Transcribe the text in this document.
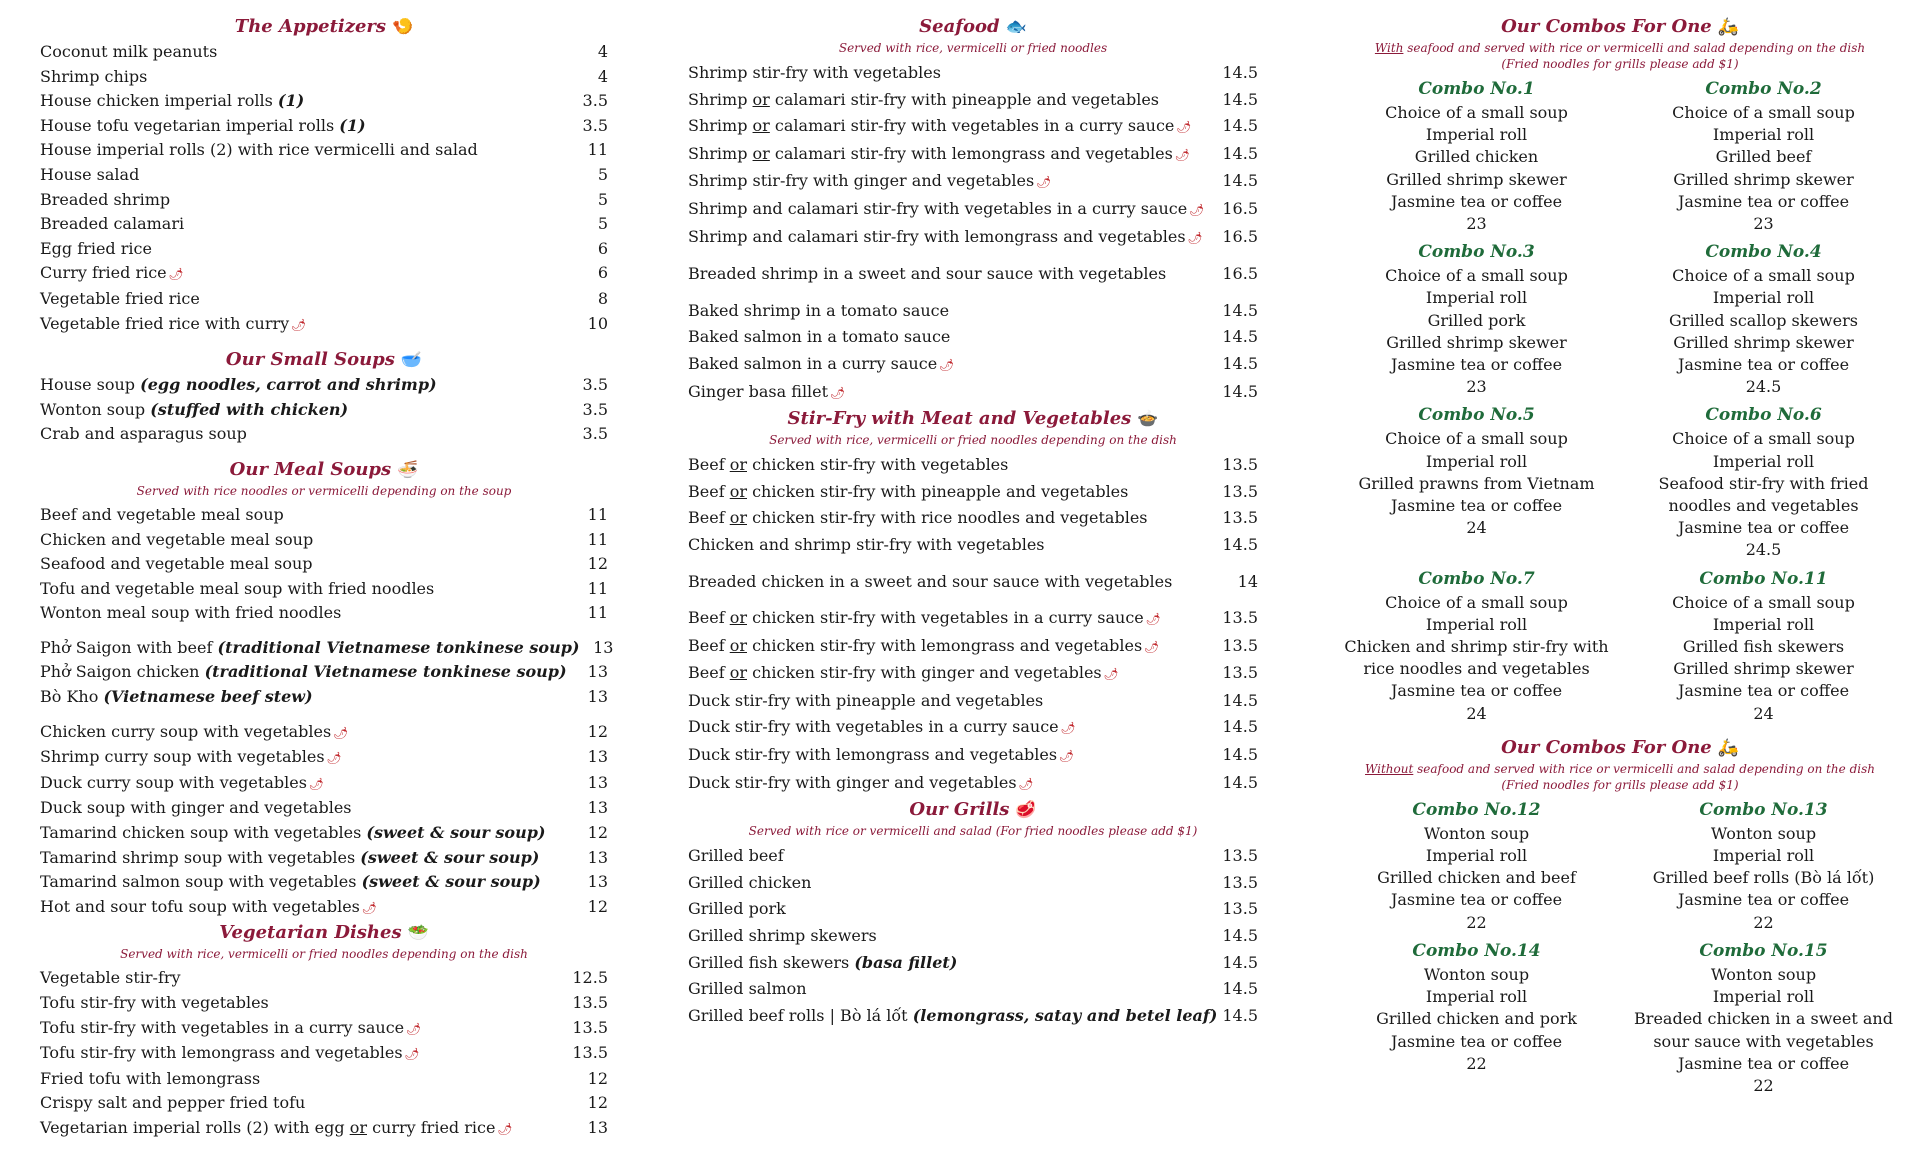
The Appetizers 🍤
Coconut milk peanuts	4
Shrimp chips	4
House chicken imperial rolls (1)	3.5
House tofu vegetarian imperial rolls (1)	3.5
House imperial rolls (2) with rice vermicelli and salad	11
House salad	5
Breaded shrimp	5
Breaded calamari	5
Egg fried rice	6
Curry fried rice 🌶	6
Vegetable fried rice	8
Vegetable fried rice with curry 🌶	10
Our Small Soups 🥣
House soup (egg noodles, carrot and shrimp)	3.5
Wonton soup (stuffed with chicken)	3.5
Crab and asparagus soup	3.5
Our Meal Soups 🍜

Served with rice noodles or vermicelli depending on the soup

Beef and vegetable meal soup	11
Chicken and vegetable meal soup	11
Seafood and vegetable meal soup	12
Tofu and vegetable meal soup with fried noodles	11
Wonton meal soup with fried noodles	11
Phở Saigon with beef (traditional Vietnamese tonkinese soup) 13
Phở Saigon chicken (traditional Vietnamese tonkinese soup)	13
Bò Kho (Vietnamese beef stew)	13
Chicken curry soup with vegetables 🌶	12
Shrimp curry soup with vegetables 🌶	13
Duck curry soup with vegetables 🌶	13
Duck soup with ginger and vegetables	13
Tamarind chicken soup with vegetables (sweet & sour soup)	12
Tamarind shrimp soup with vegetables (sweet & sour soup)	13
Tamarind salmon soup with vegetables (sweet & sour soup)	13
Hot and sour tofu soup with vegetables 🌶	12
Vegetarian Dishes 🥗

Served with rice, vermicelli or fried noodles depending on the dish

Vegetable stir-fry	12.5
Tofu stir-fry with vegetables	13.5
Tofu stir-fry with vegetables in a curry sauce 🌶	13.5
Tofu stir-fry with lemongrass and vegetables 🌶	13.5
Fried tofu with lemongrass	12
Crispy salt and pepper fried tofu	12
Vegetarian imperial rolls (2) with egg or curry fried rice 🌶	13
Seafood 🐟

Served with rice, vermicelli or fried noodles

Shrimp stir-fry with vegetables	14.5
Shrimp or calamari stir-fry with pineapple and vegetables	14.5
Shrimp or calamari stir-fry with vegetables in a curry sauce 🌶 14.5
Shrimp or calamari stir-fry with lemongrass and vegetables 🌶 14.5
Shrimp stir-fry with ginger and vegetables 🌶	14.5
Shrimp and calamari stir-fry with vegetables in a curry sauce 🌶 16.5
Shrimp and calamari stir-fry with lemongrass and vegetables 🌶 16.5
Breaded shrimp in a sweet and sour sauce with vegetables	16.5
Baked shrimp in a tomato sauce	14.5
Baked salmon in a tomato sauce	14.5
Baked salmon in a curry sauce 🌶	14.5
Ginger basa fillet 🌶	14.5
Stir-Fry with Meat and Vegetables 🍲

Served with rice, vermicelli or fried noodles depending on the dish

Beef or chicken stir-fry with vegetables	13.5
Beef or chicken stir-fry with pineapple and vegetables	13.5
Beef or chicken stir-fry with rice noodles and vegetables	13.5
Chicken and shrimp stir-fry with vegetables	14.5
Breaded chicken in a sweet and sour sauce with vegetables	14
Beef or chicken stir-fry with vegetables in a curry sauce 🌶	13.5
Beef or chicken stir-fry with lemongrass and vegetables 🌶	13.5
Beef or chicken stir-fry with ginger and vegetables 🌶	13.5
Duck stir-fry with pineapple and vegetables	14.5
Duck stir-fry with vegetables in a curry sauce 🌶	14.5
Duck stir-fry with lemongrass and vegetables 🌶	14.5
Duck stir-fry with ginger and vegetables 🌶	14.5
Our Grills 🥩

Served with rice or vermicelli and salad (For fried noodles please add $1)

Grilled beef	13.5
Grilled chicken	13.5
Grilled pork	13.5
Grilled shrimp skewers	14.5
Grilled fish skewers (basa fillet)	14.5
Grilled salmon	14.5
Grilled beef rolls | Bò lá lốt (lemongrass, satay and betel leaf) 14.5
Our Combos For One 🛵

With seafood and served with rice or vermicelli and salad depending on the dish

(Fried noodles for grills please add $1)

Combo No.1
Choice of a small soup
Imperial roll
Grilled chicken
Grilled shrimp skewer
Jasmine tea or coffee
23
Combo No.2
Choice of a small soup
Imperial roll
Grilled beef
Grilled shrimp skewer
Jasmine tea or coffee
23
Combo No.3
Choice of a small soup
Imperial roll
Grilled pork
Grilled shrimp skewer
Jasmine tea or coffee
23
Combo No.4
Choice of a small soup
Imperial roll
Grilled scallop skewers
Grilled shrimp skewer
Jasmine tea or coffee
24.5
Combo No.5
Choice of a small soup
Imperial roll
Grilled prawns from Vietnam
Jasmine tea or coffee
24
Combo No.6
Choice of a small soup
Imperial roll
Seafood stir-fry with fried
noodles and vegetables
Jasmine tea or coffee
24.5
Combo No.7
Choice of a small soup
Imperial roll
Chicken and shrimp stir-fry with
rice noodles and vegetables
Jasmine tea or coffee
24
Combo No.11
Choice of a small soup
Imperial roll
Grilled fish skewers
Grilled shrimp skewer
Jasmine tea or coffee
24
Our Combos For One 🛵

Without seafood and served with rice or vermicelli and salad depending on the dish

(Fried noodles for grills please add $1)

Combo No.12
Wonton soup
Imperial roll
Grilled chicken and beef
Jasmine tea or coffee
22
Combo No.13
Wonton soup
Imperial roll
Grilled beef rolls (Bò lá lốt)
Jasmine tea or coffee
22
Combo No.14
Wonton soup
Imperial roll
Grilled chicken and pork
Jasmine tea or coffee
22
Combo No.15
Wonton soup
Imperial roll
Breaded chicken in a sweet and
sour sauce with vegetables
Jasmine tea or coffee
22
